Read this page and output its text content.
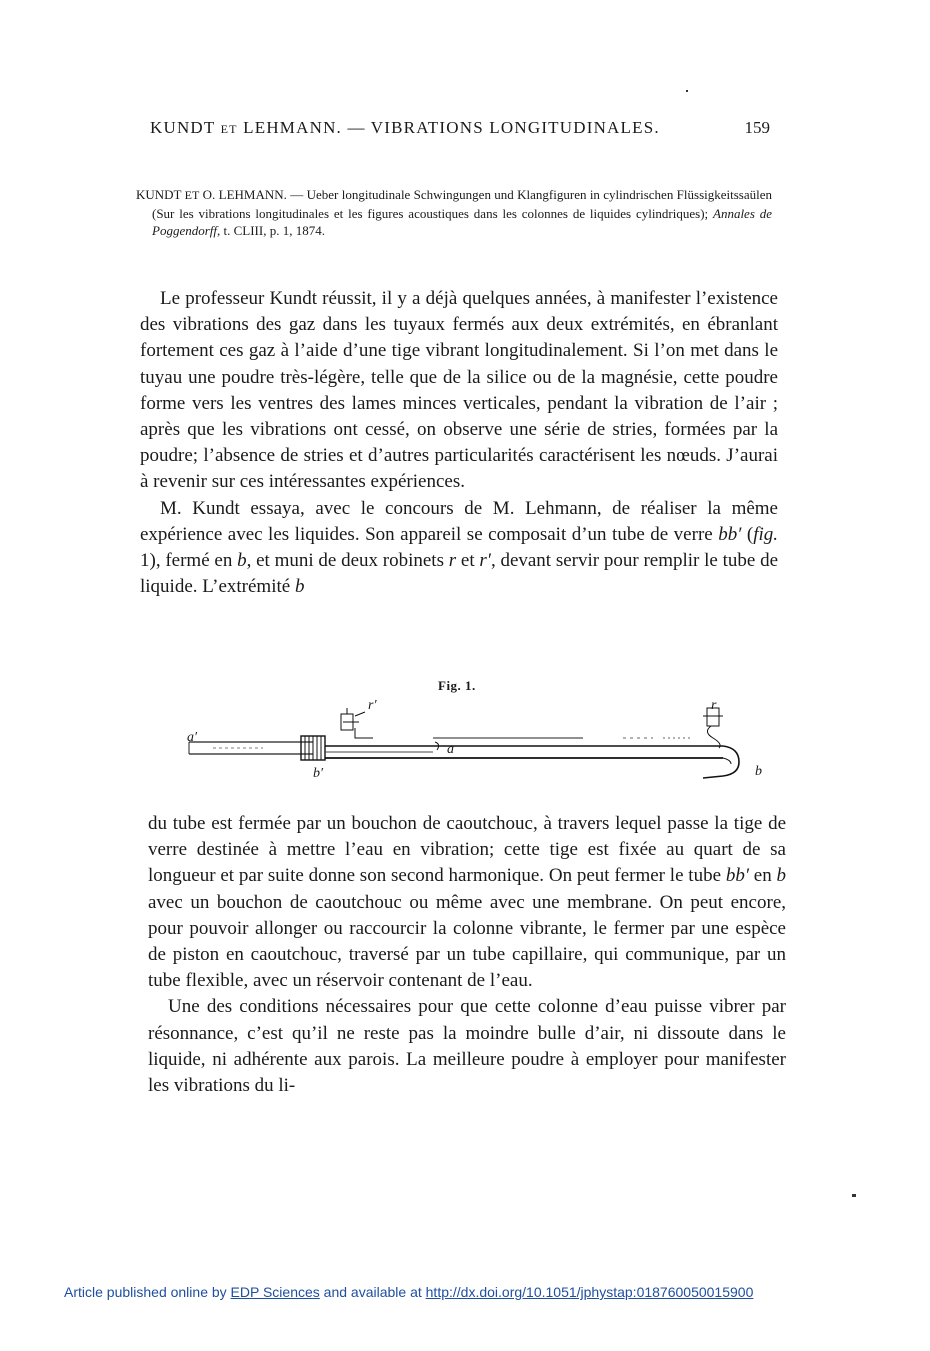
KUNDT ET LEHMANN. — VIBRATIONS LONGITUDINALES.	159

KUNDT ET O. LEHMANN. — Ueber longitudinale Schwingungen und Klangfiguren in cylindrischen Flüssigkeitssaülen (Sur les vibrations longitudinales et les figures acoustiques dans les colonnes de liquides cylindriques); Annales de Poggendorff, t. CLIII, p. 1, 1874.

Le professeur Kundt réussit, il y a déjà quelques années, à manifester l’existence des vibrations des gaz dans les tuyaux fermés aux deux extrémités, en ébranlant fortement ces gaz à l’aide d’une tige vibrant longitudinalement. Si l’on met dans le tuyau une poudre très-légère, telle que de la silice ou de la magnésie, cette poudre forme vers les ventres des lames minces verticales, pendant la vibration de l’air ; après que les vibrations ont cessé, on observe une série de stries, formées par la poudre; l’absence de stries et d’autres particularités caractérisent les nœuds. J’aurai à revenir sur ces intéressantes expériences.

M. Kundt essaya, avec le concours de M. Lehmann, de réaliser la même expérience avec les liquides. Son appareil se composait d’un tube de verre bb′ (fig. 1), fermé en b, et muni de deux robinets r et r′, devant servir pour remplir le tube de liquide. L’extrémité b

Fig. 1.
a′
r′	r
a
b′	b

du tube est fermée par un bouchon de caoutchouc, à travers lequel passe la tige de verre destinée à mettre l’eau en vibration; cette tige est fixée au quart de sa longueur et par suite donne son second harmonique. On peut fermer le tube bb′ en b avec un bouchon de caoutchouc ou même avec une membrane. On peut encore, pour pouvoir allonger ou raccourcir la colonne vibrante, le fermer par une espèce de piston en caoutchouc, traversé par un tube capillaire, qui communique, par un tube flexible, avec un réservoir contenant de l’eau.

Une des conditions nécessaires pour que cette colonne d’eau puisse vibrer par résonnance, c’est qu’il ne reste pas la moindre bulle d’air, ni dissoute dans le liquide, ni adhérente aux parois. La meilleure poudre à employer pour manifester les vibrations du li-

Article published online by EDP Sciences and available at http://dx.doi.org/10.1051/jphystap:018760050015900
